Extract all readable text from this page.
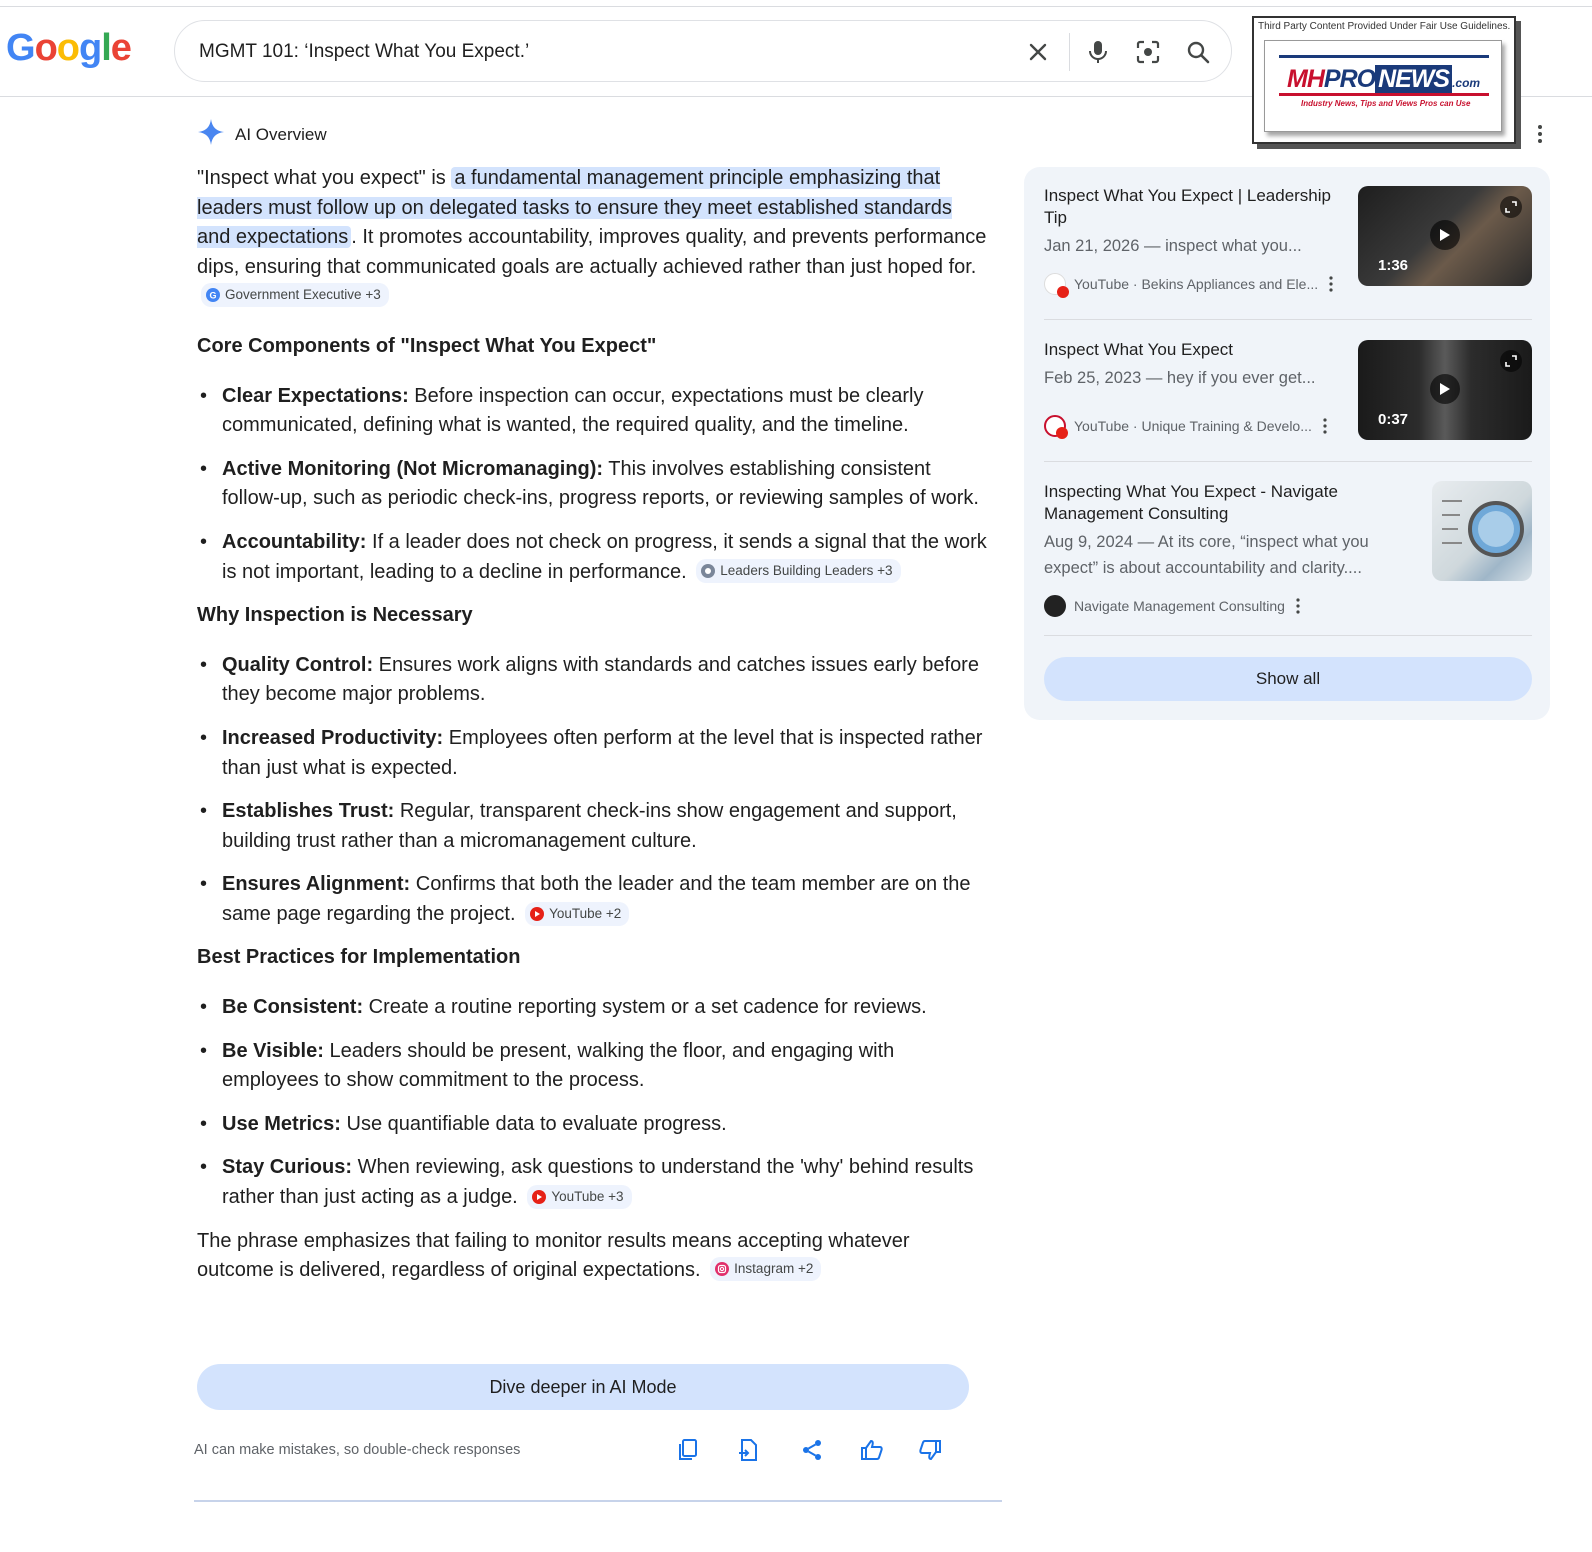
Google	MGMT 101: ‘Inspect What You Expect.’
Third Party Content Provided Under Fair Use Guidelines.
MHPRO NEWS .com
Industry News, Tips and Views Pros can Use
AI Overview
"Inspect what you expect" is a fundamental management principle emphasizing that leaders must follow up on delegated tasks to ensure they meet established standards and expectations . It promotes accountability, improves quality, and prevents performance dips, ensuring that communicated goals are actually achieved rather than just hoped for.
G Government Executive +3
Core Components of "Inspect What You Expect"
• Clear Expectations: Before inspection can occur, expectations must be clearly communicated, defining what is wanted, the required quality, and the timeline.
• Active Monitoring (Not Micromanaging): This involves establishing consistent follow-up, such as periodic check-ins, progress reports, or reviewing samples of work.
• Accountability: If a leader does not check on progress, it sends a signal that the work is not important, leading to a decline in performance. Leaders Building Leaders +3
Why Inspection is Necessary
• Quality Control: Ensures work aligns with standards and catches issues early before they become major problems.
• Increased Productivity: Employees often perform at the level that is inspected rather than just what is expected.
• Establishes Trust: Regular, transparent check-ins show engagement and support, building trust rather than a micromanagement culture.
• Ensures Alignment: Confirms that both the leader and the team member are on the same page regarding the project. YouTube +2
Best Practices for Implementation
• Be Consistent: Create a routine reporting system or a set cadence for reviews.
• Be Visible: Leaders should be present, walking the floor, and engaging with employees to show commitment to the process.
• Use Metrics: Use quantifiable data to evaluate progress.
• Stay Curious: When reviewing, ask questions to understand the 'why' behind results rather than just acting as a judge. YouTube +3
The phrase emphasizes that failing to monitor results means accepting whatever outcome is delivered, regardless of original expectations. Instagram +2
Dive deeper in AI Mode
AI can make mistakes, so double-check responses
Inspect What You Expect | Leadership Tip
Jan 21, 2026 — inspect what you...
YouTube · Bekins Appliances and Ele...
1:36
Inspect What You Expect
Feb 25, 2023 — hey if you ever get...
YouTube · Unique Training & Develo...	0:37
Inspecting What You Expect - Navigate Management Consulting
Aug 9, 2024 — At its core, “inspect what you expect” is about accountability and clarity....
Navigate Management Consulting
Show all
